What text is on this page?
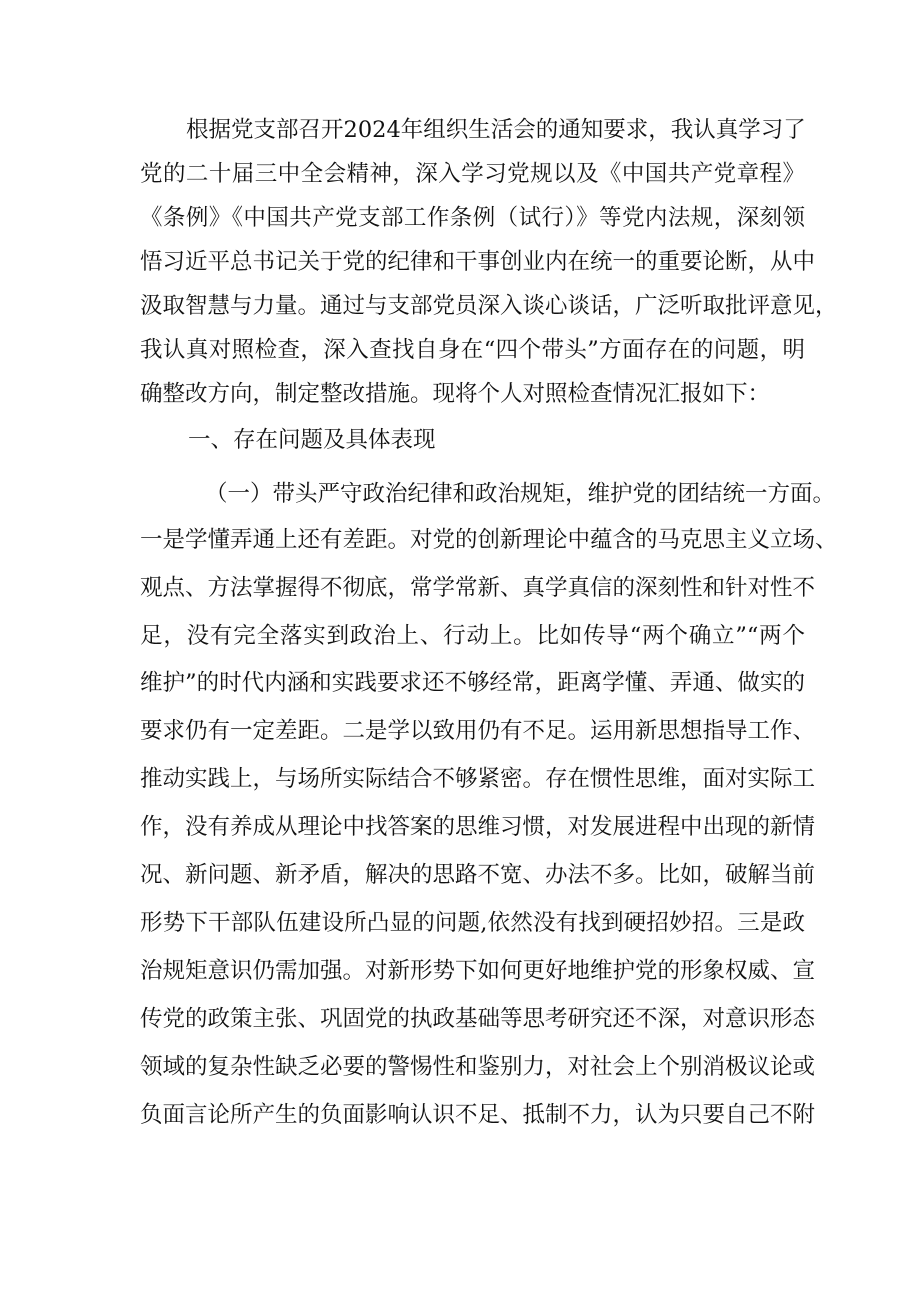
根据党支部召开2024年组织生活会的通知要求，我认真学习了
党的二十届三中全会精神，深入学习党规以及《中国共产党章程》
《条例》《中国共产党支部工作条例（试行）》等党内法规，深刻领
悟习近平总书记关于党的纪律和干事创业内在统一的重要论断，从中
汲取智慧与力量。通过与支部党员深入谈心谈话，广泛听取批评意见，
我认真对照检查，深入查找自身在“四个带头”方面存在的问题，明
确整改方向，制定整改措施。现将个人对照检查情况汇报如下：
一、存在问题及具体表现
（一）带头严守政治纪律和政治规矩，维护党的团结统一方面。
一是学懂弄通上还有差距。对党的创新理论中蕴含的马克思主义立场、
观点、方法掌握得不彻底，常学常新、真学真信的深刻性和针对性不
足，没有完全落实到政治上、行动上。比如传导“两个确立”“两个
维护”的时代内涵和实践要求还不够经常，距离学懂、弄通、做实的
要求仍有一定差距。二是学以致用仍有不足。运用新思想指导工作、
推动实践上，与场所实际结合不够紧密。存在惯性思维，面对实际工
作，没有养成从理论中找答案的思维习惯，对发展进程中出现的新情
况、新问题、新矛盾，解决的思路不宽、办法不多。比如，破解当前
形势下干部队伍建设所凸显的问题,依然没有找到硬招妙招。三是政
治规矩意识仍需加强。对新形势下如何更好地维护党的形象权威、宣
传党的政策主张、巩固党的执政基础等思考研究还不深，对意识形态
领域的复杂性缺乏必要的警惕性和鉴别力，对社会上个别消极议论或
负面言论所产生的负面影响认识不足、抵制不力，认为只要自己不附
